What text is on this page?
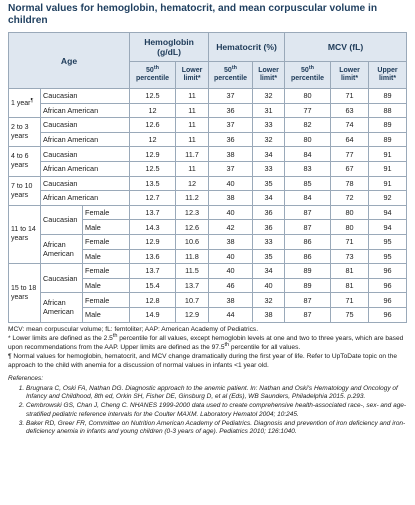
Normal values for hemoglobin, hematocrit, and mean corpuscular volume in children
Age			Hemoglobin (g/dL)		Hematocrit (%)		MCV (fL)		
			50th percentile	Lower limit*	50th percentile	Lower limit*	50th percentile	Lower limit*	Upper limit*
1 year¶	Caucasian		12.5	11	37	32	80	71	89
	African American		12	11	36	31	77	63	88
2 to 3 years	Caucasian		12.6	11	37	33	82	74	89
	African American		12	11	36	32	80	64	89
4 to 6 years	Caucasian		12.9	11.7	38	34	84	77	91
	African American		12.5	11	37	33	83	67	91
7 to 10 years	Caucasian		13.5	12	40	35	85	78	91
	African American		12.7	11.2	38	34	84	72	92
11 to 14 years	Caucasian	Female	13.7	12.3	40	36	87	80	94
		Male	14.3	12.6	42	36	87	80	94
	African American	Female	12.9	10.6	38	33	86	71	95
		Male	13.6	11.8	40	35	86	73	95
15 to 18 years	Caucasian	Female	13.7	11.5	40	34	89	81	96
		Male	15.4	13.7	46	40	89	81	96
	African American	Female	12.8	10.7	38	32	87	71	96
		Male	14.9	12.9	44	38	87	75	96

MCV: mean corpuscular volume; fL: femtoliter; AAP: American Academy of Pediatrics.

* Lower limits are defined as the 2.5th percentile for all values, except hemoglobin levels at one and two to three years, which are based upon recommendations from the AAP. Upper limits are defined as the 97.5th percentile for all values.

¶ Normal values for hemoglobin, hematocrit, and MCV change dramatically during the first year of life. Refer to UpToDate topic on the approach to the child with anemia for a discussion of normal values in infants <1 year old.

References:

1. Brugnara C, Oski FA, Nathan DG. Diagnostic approach to the anemic patient. In: Nathan and Oski's Hematology and Oncology of Infancy and Childhood, 8th ed, Orkin SH, Fisher DE, Ginsburg D, et al (Eds), WB Saunders, Philadelphia 2015. p.293.
2. Cembrowski GS, Chan J, Cheng C. NHANES 1999-2000 data used to create comprehensive health-associated race-, sex- and age-stratified pediatric reference intervals for the Coulter MAXM. Laboratory Hematol 2004; 10:245.
3. Baker RD, Greer FR, Committee on Nutrition American Academy of Pediatrics. Diagnosis and prevention of iron deficiency and iron-deficiency anemia in infants and young children (0-3 years of age). Pediatrics 2010; 126:1040.
